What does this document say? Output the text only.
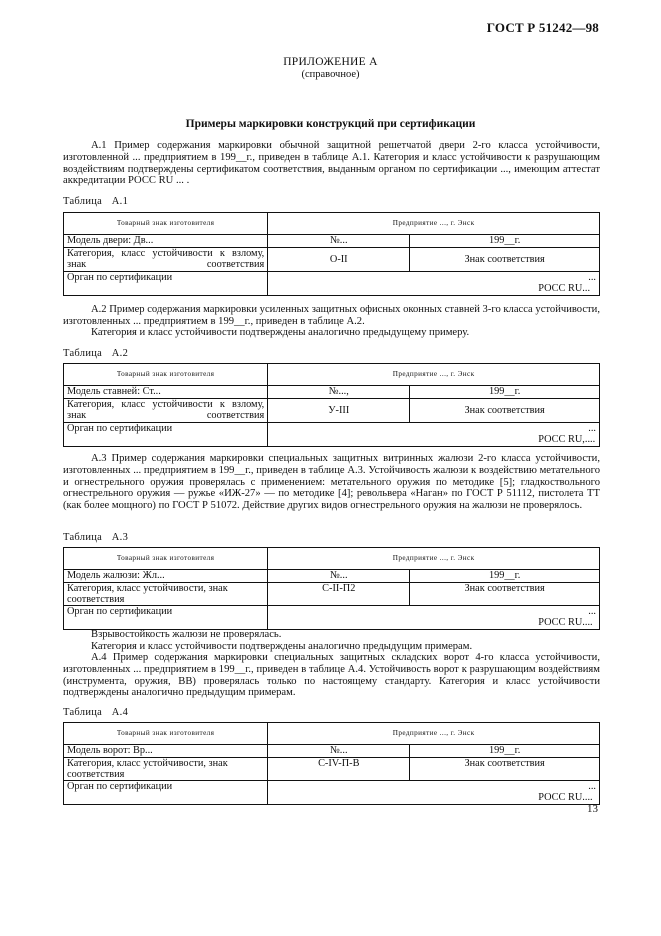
ГОСТ Р 51242—98
ПРИЛОЖЕНИЕ А
(справочное)
Примеры маркировки конструкций при сертификации
А.1 Пример содержания маркировки обычной защитной решетчатой двери 2-го класса устойчивости, изготовленной ... предприятием в 199__г., приведен в таблице А.1. Категория и класс устойчивости к разрушающим воздействиям подтверждены сертификатом соответствия, выданным органом по сертификации ..., имеющим аттестат аккредитации РОСС RU ... .
Таблица А.1
Товарный знак изготовителя	Предприятие ..., г. Энск	
Модель двери: Дв...	№...	199__г.
Категория, класс устойчивости к взлому, знак соответствия	О-II	Знак соответствия
Орган по сертификации	...
РОСС RU...	
А.2 Пример содержания маркировки усиленных защитных офисных оконных ставней 3-го класса устойчивости, изготовленных ... предприятием в 199__г., приведен в таблице А.2.
Категория и класс устойчивости подтверждены аналогично предыдущему примеру.
Таблица А.2
Товарный знак изготовителя	Предприятие ..., г. Энск	
Модель ставней: Ст...	№...,	199__г.
Категория, класс устойчивости к взлому, знак соответствия	У-III	Знак соответствия
Орган по сертификации	...
РОСС RU,....	
А.3 Пример содержания маркировки специальных защитных витринных жалюзи 2-го класса устойчивости, изготовленных ... предприятием в 199__г., приведен в таблице А.3. Устойчивость жалюзи к воздействию метательного и огнестрельного оружия проверялась с применением: метательного оружия по методике [5]; гладкоствольного огнестрельного оружия — ружье «ИЖ-27» — по методике [4]; револьвера «Наган» по ГОСТ Р 51112, пистолета ТТ (как более мощного) по ГОСТ Р 51072. Действие других видов огнестрельного оружия на жалюзи не проверялось.
Таблица А.3
Товарный знак изготовителя	Предприятие ..., г. Энск	
Модель жалюзи: Жл...	№...	199__г.
Категория, класс устойчивости, знак соответствия	С-II-П2	Знак соответствия
Орган по сертификации	...
РОСС RU....	
Взрывостойкость жалюзи не проверялась.
Категория и класс устойчивости подтверждены аналогично предыдущим примерам.
А.4 Пример содержания маркировки специальных защитных складских ворот 4-го класса устойчивости, изготовленных ... предприятием в 199__г., приведен в таблице А.4. Устойчивость ворот к разрушающим воздействиям (инструмента, оружия, ВВ) проверялась только по настоящему стандарту. Категория и класс устойчивости подтверждены аналогично предыдущим примерам.
Таблица А.4
Товарный знак изготовителя	Предприятие ..., г. Энск	
Модель ворот: Вр...	№...	199__г.
Категория, класс устойчивости, знак соответствия	С-IV-П-В	Знак соответствия
Орган по сертификации	...
РОСС RU....	
13
